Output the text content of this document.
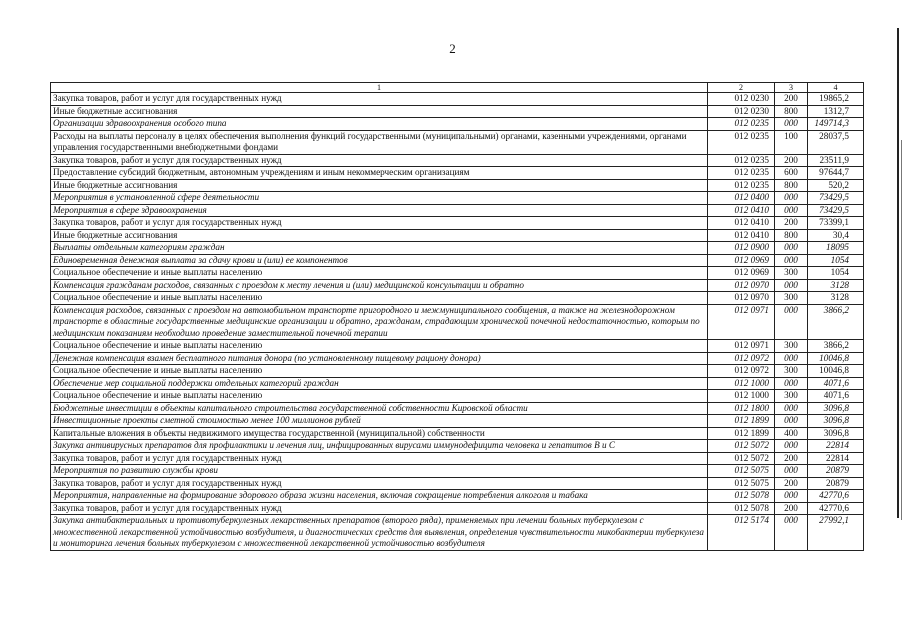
2
1	2	3	4
Закупка товаров, работ и услуг для государственных нужд	012 0230	200	19865,2
Иные бюджетные ассигнования	012 0230	800	1312,7
Организации здравоохранения особого типа	012 0235	000	149714,3
Расходы на выплаты персоналу в целях обеспечения выполнения функций государственными (муниципальными) органами, казенными учреждениями, органами управления государственными внебюджетными фондами	012 0235	100	28037,5
Закупка товаров, работ и услуг для государственных нужд	012 0235	200	23511,9
Предоставление субсидий бюджетным, автономным учреждениям и иным некоммерческим организациям	012 0235	600	97644,7
Иные бюджетные ассигнования	012 0235	800	520,2
Мероприятия в установленной сфере деятельности	012 0400	000	73429,5
Мероприятия в сфере здравоохранения	012 0410	000	73429,5
Закупка товаров, работ и услуг для государственных нужд	012 0410	200	73399,1
Иные бюджетные ассигнования	012 0410	800	30,4
Выплаты отдельным категориям граждан	012 0900	000	18095
Единовременная денежная выплата за сдачу крови и (или) ее компонентов	012 0969	000	1054
Социальное обеспечение и иные выплаты населению	012 0969	300	1054
Компенсация гражданам расходов, связанных с проездом к месту лечения и (или) медицинской консультации и обратно	012 0970	000	3128
Социальное обеспечение и иные выплаты населению	012 0970	300	3128
Компенсация расходов, связанных с проездом на автомобильном транспорте пригородного и межмуниципального сообщения, а также на железнодорожном транспорте в областные государственные медицинские организации и обратно, гражданам, страдающим хронической почечной недостаточностью, которым по медицинским показаниям необходимо проведение заместительной почечной терапии	012 0971	000	3866,2
Социальное обеспечение и иные выплаты населению	012 0971	300	3866,2
Денежная компенсация взамен бесплатного питания донора (по установленному пищевому рациону донора)	012 0972	000	10046,8
Социальное обеспечение и иные выплаты населению	012 0972	300	10046,8
Обеспечение мер социальной поддержки отдельных категорий граждан	012 1000	000	4071,6
Социальное обеспечение и иные выплаты населению	012 1000	300	4071,6
Бюджетные инвестиции в объекты капитального строительства государственной собственности Кировской области	012 1800	000	3096,8
Инвестиционные проекты сметной стоимостью менее 100 миллионов рублей	012 1899	000	3096,8
Капитальные вложения в объекты недвижимого имущества государственной (муниципальной) собственности	012 1899	400	3096,8
Закупка антивирусных препаратов для профилактики и лечения лиц, инфицированных вирусами иммунодефицита человека и гепатитов В и С	012 5072	000	22814
Закупка товаров, работ и услуг для государственных нужд	012 5072	200	22814
Мероприятия по развитию службы крови	012 5075	000	20879
Закупка товаров, работ и услуг для государственных нужд	012 5075	200	20879
Мероприятия, направленные на формирование здорового образа жизни населения, включая сокращение потребления алкоголя и табака	012 5078	000	42770,6
Закупка товаров, работ и услуг для государственных нужд	012 5078	200	42770,6
Закупка антибактериальных и противотуберкулезных лекарственных препаратов (второго ряда), применяемых при лечении больных туберкулезом с множественной лекарственной устойчивостью возбудителя, и диагностических средств для выявления, определения чувствительности микобактерии туберкулеза и мониторинга лечения больных туберкулезом с множественной лекарственной устойчивостью возбудителя	012 5174	000	27992,1
